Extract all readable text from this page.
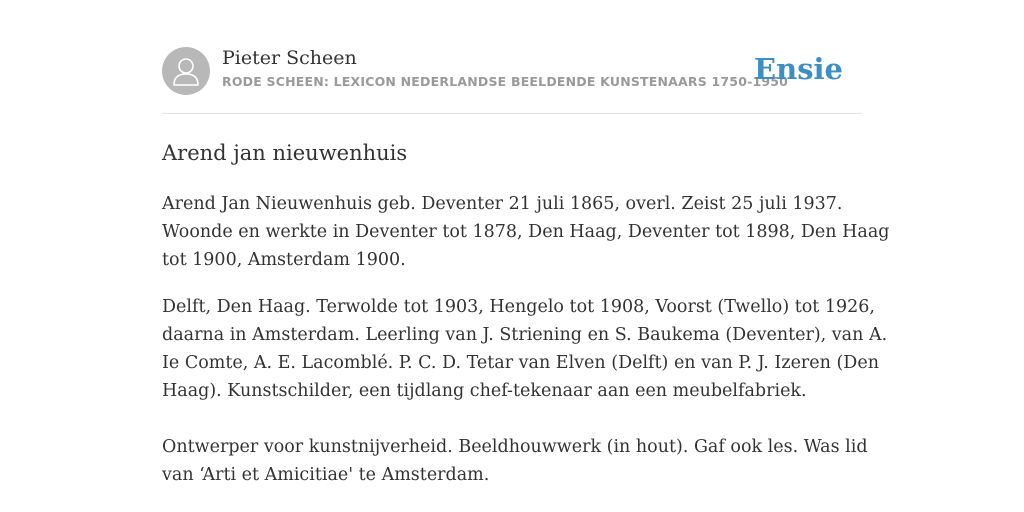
Pieter Scheen
RODE SCHEEN: LEXICON NEDERLANDSE BEELDENDE KUNSTENAARS 1750-1950
Ensie
Arend jan nieuwenhuis

Arend Jan Nieuwenhuis geb. Deventer 21 juli 1865, overl. Zeist 25 juli 1937.
Woonde en werkte in Deventer tot 1878, Den Haag, Deventer tot 1898, Den Haag
tot 1900, Amsterdam 1900.

Delft, Den Haag. Terwolde tot 1903, Hengelo tot 1908, Voorst (Twello) tot 1926,
daarna in Amsterdam. Leerling van J. Striening en S. Baukema (Deventer), van A.
Ie Comte, A. E. Lacomblé. P. C. D. Tetar van Elven (Delft) en van P. J. Izeren (Den
Haag). Kunstschilder, een tijdlang chef-tekenaar aan een meubelfabriek.

Ontwerper voor kunstnijverheid. Beeldhouwwerk (in hout). Gaf ook les. Was lid
van ‘Arti et Amicitiae' te Amsterdam.
